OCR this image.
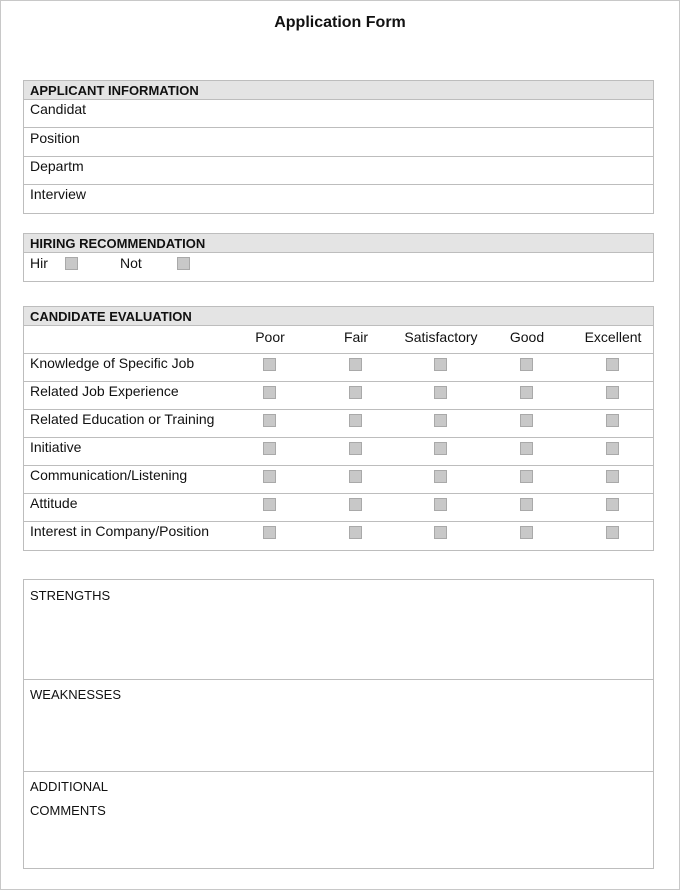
Application Form
APPLICANT INFORMATION
Candidat
Position
Departm
Interview
HIRING RECOMMENDATION
Hir	Not
CANDIDATE EVALUATION
Poor	Fair	Satisfactory	Good	Excellent
Knowledge of Specific Job
Related Job Experience
Related Education or Training
Initiative
Communication/Listening
Attitude
Interest in Company/Position
STRENGTHS
WEAKNESSES
ADDITIONAL
COMMENTS
